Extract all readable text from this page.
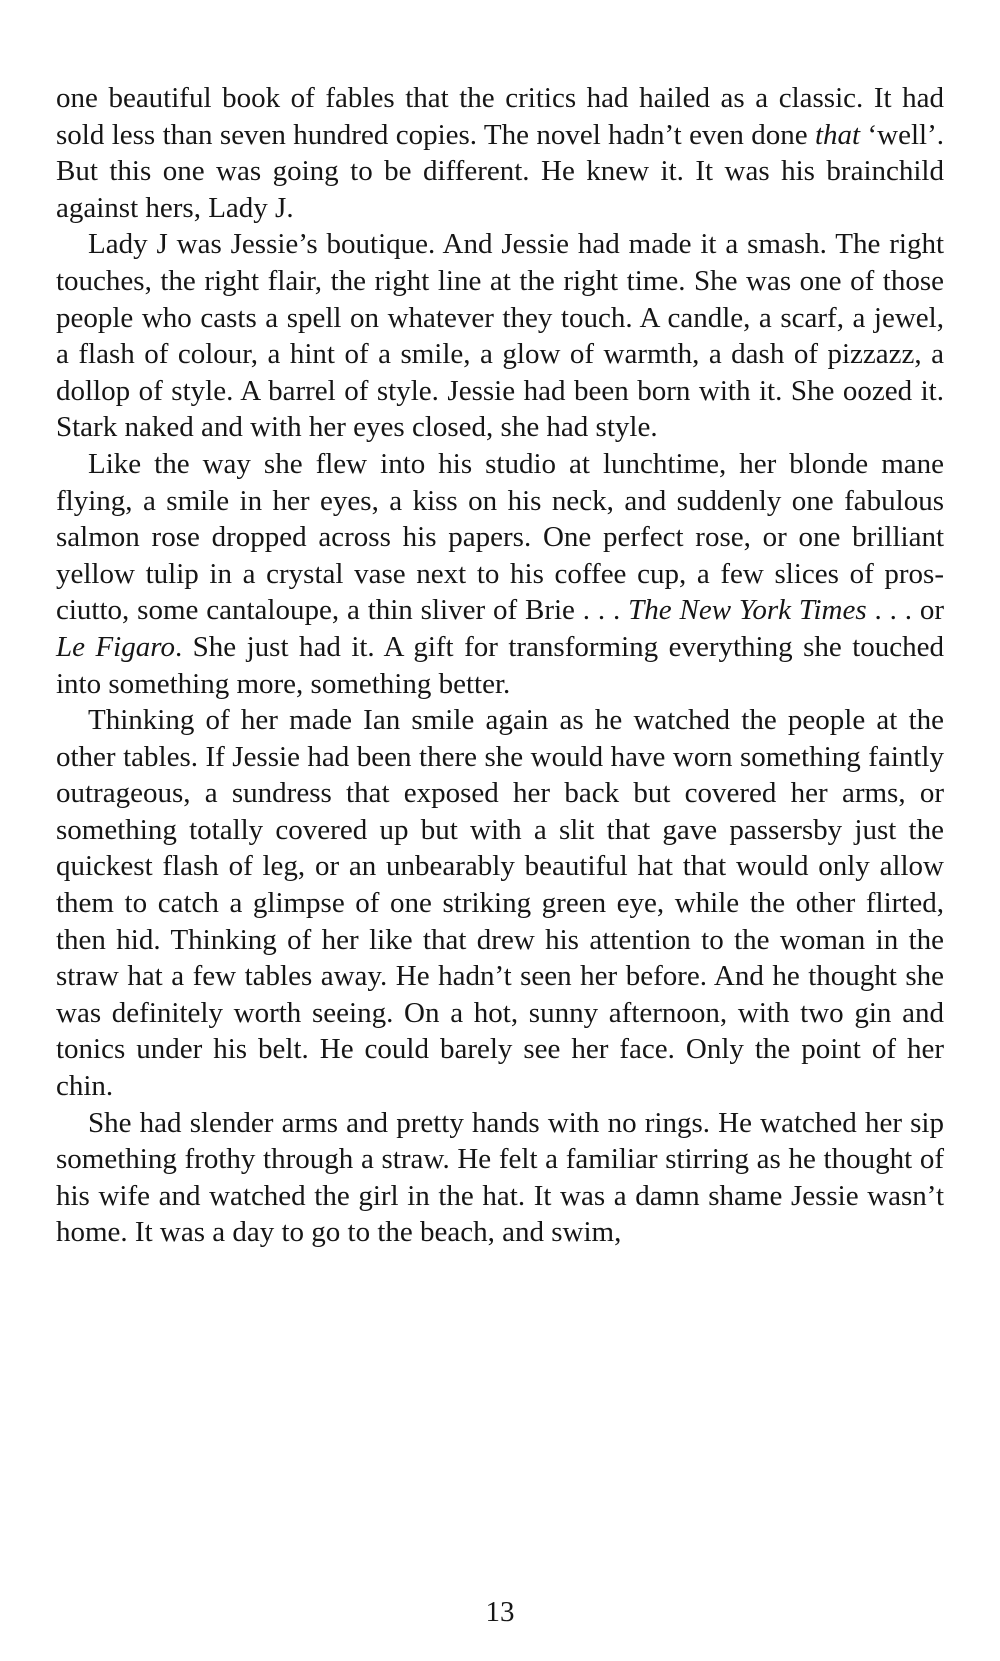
one beautiful book of fables that the critics had hailed as a classic. It had sold less than seven hundred copies. The novel hadn’t even done that ‘well’. But this one was going to be different. He knew it. It was his brainchild against hers, Lady J.

Lady J was Jessie’s boutique. And Jessie had made it a smash. The right touches, the right flair, the right line at the right time. She was one of those people who casts a spell on whatever they touch. A candle, a scarf, a jewel, a flash of colour, a hint of a smile, a glow of warmth, a dash of pizzazz, a dollop of style. A barrel of style. Jessie had been born with it. She oozed it. Stark naked and with her eyes closed, she had style.

Like the way she flew into his studio at lunchtime, her blonde mane flying, a smile in her eyes, a kiss on his neck, and suddenly one fabulous salmon rose dropped across his papers. One perfect rose, or one brilliant yellow tulip in a crystal vase next to his coffee cup, a few slices of prosciutto, some cantaloupe, a thin sliver of Brie . . . The New York Times . . . or Le Figaro. She just had it. A gift for transforming everything she touched into something more, something better.

Thinking of her made Ian smile again as he watched the people at the other tables. If Jessie had been there she would have worn something faintly outrageous, a sundress that exposed her back but covered her arms, or something totally covered up but with a slit that gave passersby just the quickest flash of leg, or an unbearably beautiful hat that would only allow them to catch a glimpse of one striking green eye, while the other flirted, then hid. Thinking of her like that drew his attention to the woman in the straw hat a few tables away. He hadn’t seen her before. And he thought she was definitely worth seeing. On a hot, sunny afternoon, with two gin and tonics under his belt. He could barely see her face. Only the point of her chin.

She had slender arms and pretty hands with no rings. He watched her sip something frothy through a straw. He felt a familiar stirring as he thought of his wife and watched the girl in the hat. It was a damn shame Jessie wasn’t home. It was a day to go to the beach, and swim,

13
